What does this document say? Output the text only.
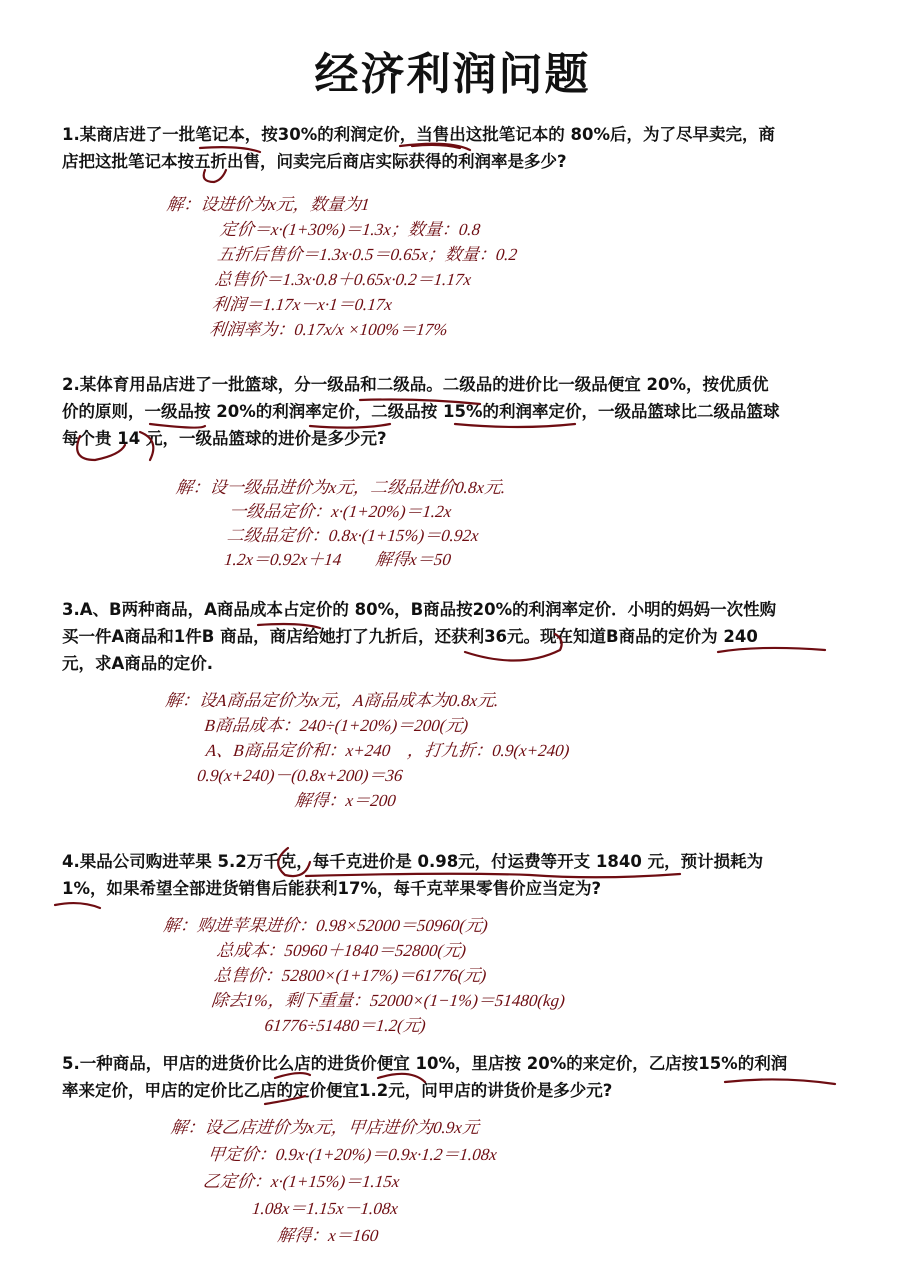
经济利润问题
1.某商店进了一批笔记本，按30%的利润定价，当售出这批笔记本的 80%后，为了尽早卖完，商
店把这批笔记本按五折出售，问卖完后商店实际获得的利润率是多少?
解：设进价为x元，数量为1
定价＝x·(1+30%)＝1.3x；数量：0.8
五折后售价＝1.3x·0.5＝0.65x；数量：0.2
总售价＝1.3x·0.8＋0.65x·0.2＝1.17x
利润＝1.17x－x·1＝0.17x
利润率为：0.17x/x ×100%＝17%
2.某体育用品店进了一批篮球，分一级品和二级品。二级品的进价比一级品便宜 20%，按优质优
价的原则，一级品按 20%的利润率定价，二级品按 15%的利润率定价，一级品篮球比二级品篮球
每个贵 14 元，一级品篮球的进价是多少元?
解：设一级品进价为x元，二级品进价0.8x元.
一级品定价：x·(1+20%)＝1.2x
二级品定价：0.8x·(1+15%)＝0.92x
1.2x＝0.92x＋14　　解得x＝50
3.A、B两种商品，A商品成本占定价的 80%，B商品按20%的利润率定价．小明的妈妈一次性购
买一件A商品和1件B 商品，商店给她打了九折后，还获利36元。现在知道B商品的定价为 240
元，求A商品的定价.
解：设A商品定价为x元，A商品成本为0.8x元.
B商品成本：240÷(1+20%)＝200(元)
A、B商品定价和：x+240　，打九折：0.9(x+240)
0.9(x+240)－(0.8x+200)＝36
解得：x＝200
4.果品公司购进苹果 5.2万千克，每千克进价是 0.98元，付运费等开支 1840 元，预计损耗为
1%，如果希望全部进货销售后能获利17%，每千克苹果零售价应当定为?
解：购进苹果进价：0.98×52000＝50960(元)
总成本：50960＋1840＝52800(元)
总售价：52800×(1+17%)＝61776(元)
除去1%，剩下重量：52000×(1−1%)＝51480(kg)
61776÷51480＝1.2(元)
5.一种商品，甲店的进货价比么店的进货价便宜 10%，里店按 20%的来定价，乙店按15%的利润
率来定价，甲店的定价比乙店的定价便宜1.2元，问甲店的讲货价是多少元?
解：设乙店进价为x元，甲店进价为0.9x元
甲定价：0.9x·(1+20%)＝0.9x·1.2＝1.08x
乙定价：x·(1+15%)＝1.15x
1.08x＝1.15x－1.08x
解得：x＝160
